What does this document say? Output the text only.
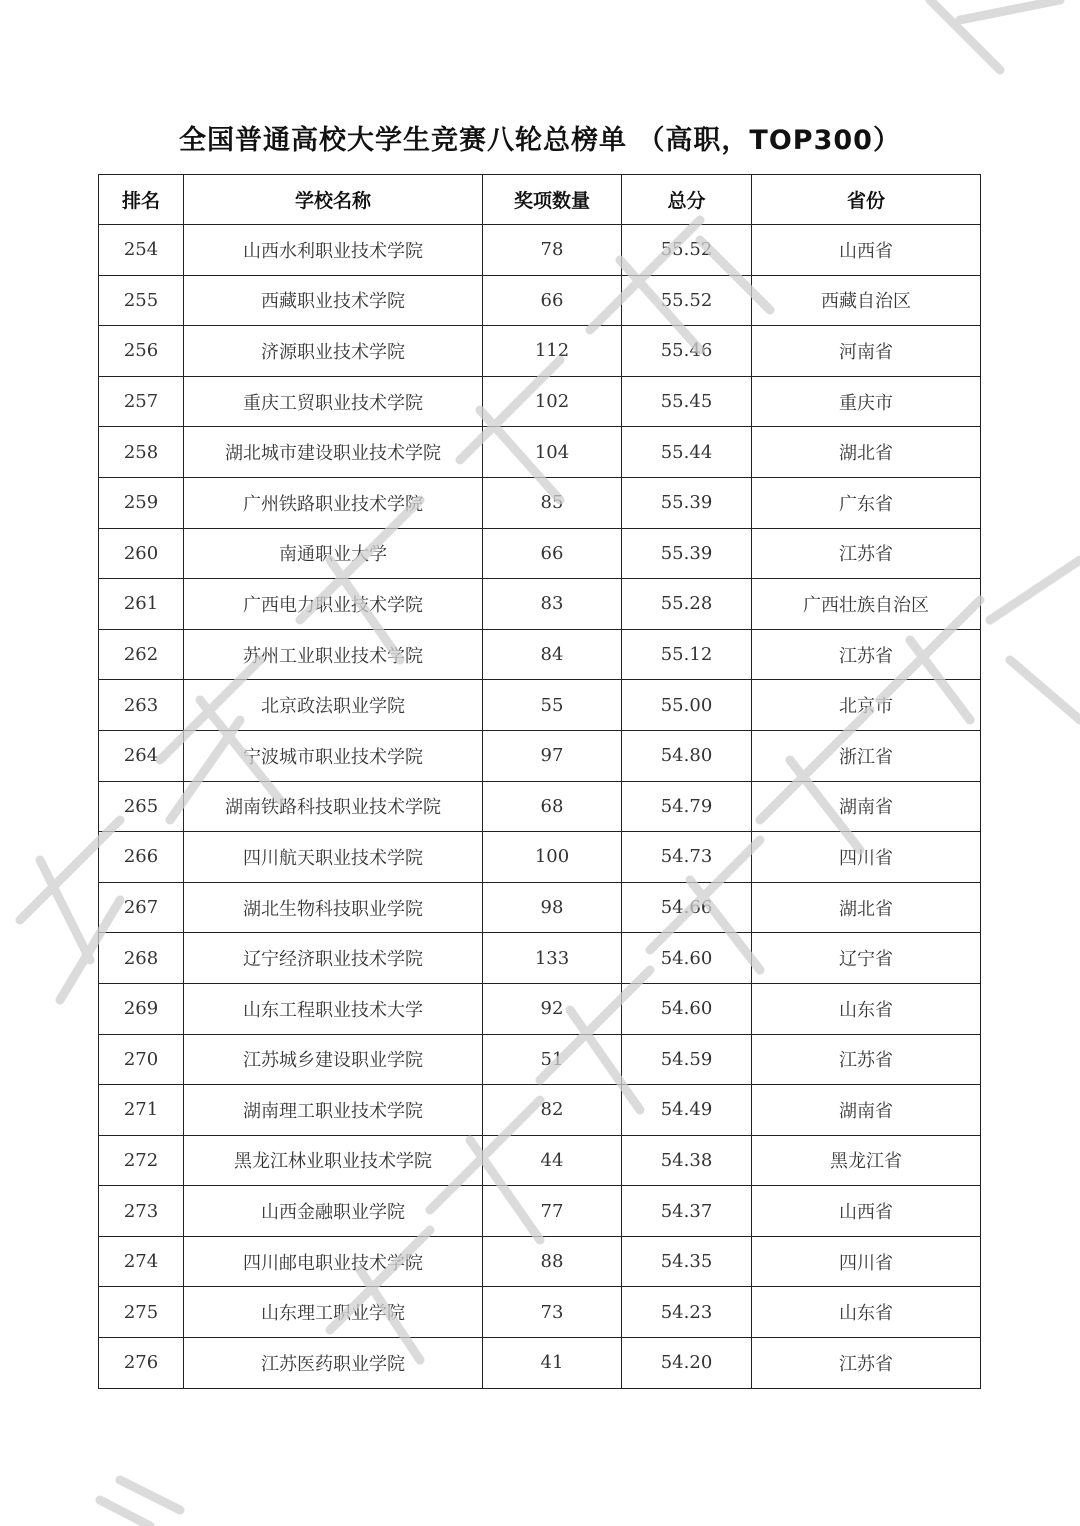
全国普通高校大学生竞赛八轮总榜单 （高职，TOP300）
排名	学校名称	奖项数量	总分	省份
254	山西水利职业技术学院	78	55.52	山西省
255	西藏职业技术学院	66	55.52	西藏自治区
256	济源职业技术学院	112	55.46	河南省
257	重庆工贸职业技术学院	102	55.45	重庆市
258	湖北城市建设职业技术学院	104	55.44	湖北省
259	广州铁路职业技术学院	85	55.39	广东省
260	南通职业大学	66	55.39	江苏省
261	广西电力职业技术学院	83	55.28	广西壮族自治区
262	苏州工业职业技术学院	84	55.12	江苏省
263	北京政法职业学院	55	55.00	北京市
264	宁波城市职业技术学院	97	54.80	浙江省
265	湖南铁路科技职业技术学院	68	54.79	湖南省
266	四川航天职业技术学院	100	54.73	四川省
267	湖北生物科技职业学院	98	54.66	湖北省
268	辽宁经济职业技术学院	133	54.60	辽宁省
269	山东工程职业技术大学	92	54.60	山东省
270	江苏城乡建设职业学院	51	54.59	江苏省
271	湖南理工职业技术学院	82	54.49	湖南省
272	黑龙江林业职业技术学院	44	54.38	黑龙江省
273	山西金融职业学院	77	54.37	山西省
274	四川邮电职业技术学院	88	54.35	四川省
275	山东理工职业学院	73	54.23	山东省
276	江苏医药职业学院	41	54.20	江苏省
